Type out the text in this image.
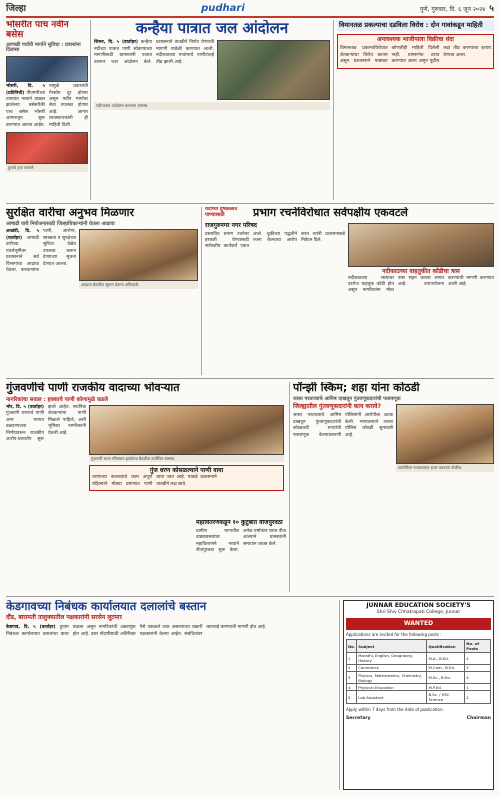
जिल्हा	pudhari	पुणे, गुरुवार, दि. ६ जून २०२४ ५
भोसरीत पाच नवीन बसेस
आणखी पर्यायी मार्गाने सुविधा : प्रवाशांना दिलासा

भोसरी, दि. ५ (प्रतिनिधी) पीएमपीच्या ताफ्यात नव्याने दाखल झालेल्या बसेसपैकी पाच बसेस भोसरी आगारातून सुरू करण्यात आल्या आहेत. यामुळे प्रवाशांची गैरसोय दूर होणार असून नवीन मार्गांवर सेवा उपलब्ध होणार आहे. आगार व्यवस्थापकांनी ही माहिती दिली.

दुधाचे ट्रक पलटले
कन्हैया पात्रात जल आंदोलन

शिरूर, दि. ५ (वार्ताहर) कन्हैया नदीच्या पात्रात पाणी सोडण्याच्या मागणीसाठी ग्रामस्थांनी पात्रात उतरून जल आंदोलन केले. प्रशासनाने तातडीने निर्णय घेण्याची मागणी यावेळी करण्यात आली. नदीकाठच्या गावांमध्ये पाणीटंचाई तीव्र झाली आहे.

नदीपात्रात आंदोलन करताना ग्रामस्थ.
विमानतळ प्रकल्पाचा दडविला विरोध : दोन गावांकडून माहिती
अनावश्यक भाजीपाला विक्रीचा धंदा

विमानतळ प्रकल्पाविरोधात शेतकऱ्यांचा विरोध कायम असून प्रशासनाने याबाबत कोणतीही माहिती दिलेली नाही. ग्रामसभेत ठराव करण्यात आला असून पुढील लढा तीव्र करण्याचा इशारा देण्यात आला.

सुरक्षित वारीचा अनुभव मिळणार
आषाढी वारी नियोजनासाठी जिल्हाधिकाऱ्यांनी घेतला आढावा

आळंदी, दि. ५ (वार्ताहर) आषाढी वारीच्या पार्श्वभूमीवर प्रशासनाने सर्व विभागांचा आढावा घेतला. वारकऱ्यांना पाणी, आरोग्य, स्वच्छता व सुरक्षेच्या सुविधा वेळेत उपलब्ध करून देण्याच्या सूचना देण्यात आल्या.

आढावा बैठकीत सूचना देताना अधिकारी.
यंदाच्या दुष्काळात पाण्यासाठी	प्रभाग रचनेविरोधात सर्वपक्षीय एकवटले
राजगुरुनगर नगर परिषद

प्रस्तावित प्रभाग रचनेवर हरकती घेण्यासाठी सर्वपक्षीय कार्यकर्ते एकत्र आले. चुकीच्या पद्धतीने रचना केल्याचा आरोप करत त्यांनी प्रशासनाकडे निवेदन दिले.

नदीकाठच्या वाहतुकीत कोंडीचा त्रास

नदीकाठच्या रस्त्यावर दररोज वाहतूक कोंडी होत असून नागरिकांना मोठा त्रास सहन करावा लागत आहे. उपाययोजना करण्याची मागणी करण्यात आली आहे.

गुंजवणीचे पाणी राजकीय वादाच्या भोवऱ्यात
नागरिकांचा सवाल : हक्काचे पाणी कोणामुळे वळले

भोर, दि. ५ (वार्ताहर) गुंजवणी धरणाचे पाणी अन्य भागात वळवण्याच्या निर्णयावरून राजकीय आरोप-प्रत्यारोप सुरू झाले आहेत. स्थानिक शेतकऱ्यांना पाणी मिळाले पाहिजे, अशी भूमिका नागरिकांनी घेतली आहे.

गुंजवणी धरण परिसरात झालेल्या बैठकीत उपस्थित ग्रामस्थ.
गुंज धरण कोसळल्याने पाणी वाया

धरणाच्या कालव्याचे काम अपूर्ण राहिल्याने मोठ्या प्रमाणात पाणी वाया जात आहे. याकडे प्रशासनाने तातडीने लक्ष द्यावे.

पॉन्झी स्किम; शहा यांना कोठडी
जास्त परताव्याचे आमिष दाखवून गुंतवणूकदारांची फसवणूक
जिल्ह्यातील गुंतवणूकदारांनी काय करावे?

जास्त परताव्याचे आमिष दाखवून गुंतवणूकदारांची कोट्यवधी रुपयांची फसवणूक केल्याप्रकरणी पोलिसांनी आरोपीला अटक केली. न्यायालयाने त्याला पोलिस कोठडी सुनावली आहे.

आरोपीला न्यायालयात हजर करताना पोलीस.
महावितरणकडून १० कुटुंबांत वीजपुरवठा

ग्रामीण भागातील वाड्यावस्त्यांवर महावितरणने नव्याने वीजपुरवठा सुरू केला. अनेक वर्षांनंतर घरात वीज आल्याने ग्रामस्थांनी समाधान व्यक्त केले.

केडगावच्या निबंधक कार्यालयात दलालांचे बस्तान
दौंड, बारामती तालुक्यातील पक्षकारांनी सरसेन लूटमार

केडगाव, दि. ५ (वार्ताहर) दुय्यम निबंधक कार्यालयात दलालांचा वावर वाढला असून नागरिकांची अडवणूक होत आहे. दस्त नोंदणीसाठी अतिरिक्त पैसे उकळले जात असल्याच्या तक्रारी पक्षकारांनी केल्या आहेत. संबंधितांवर कारवाई करण्याची मागणी होत आहे.

JUNNAR EDUCATION SOCIETY'S
Shri Shiv Chhatrapati College, Junnar
WANTED
Applications are invited for the following posts :
No.	Subject	Qualification	No. of Posts
1	Marathi, English, Geography, History	M.A., B.Ed.	4
2	Commerce	M.Com., B.Ed.	2
3	Physics, Mathematics, Chemistry, Biology	M.Sc., B.Ed.	4
4	Physical Education	M.P.Ed.	1
5	Lab Assistant	B.Sc. / HSC Science	2
Apply within 7 days from the date of publication.
Secretary	Chairman
